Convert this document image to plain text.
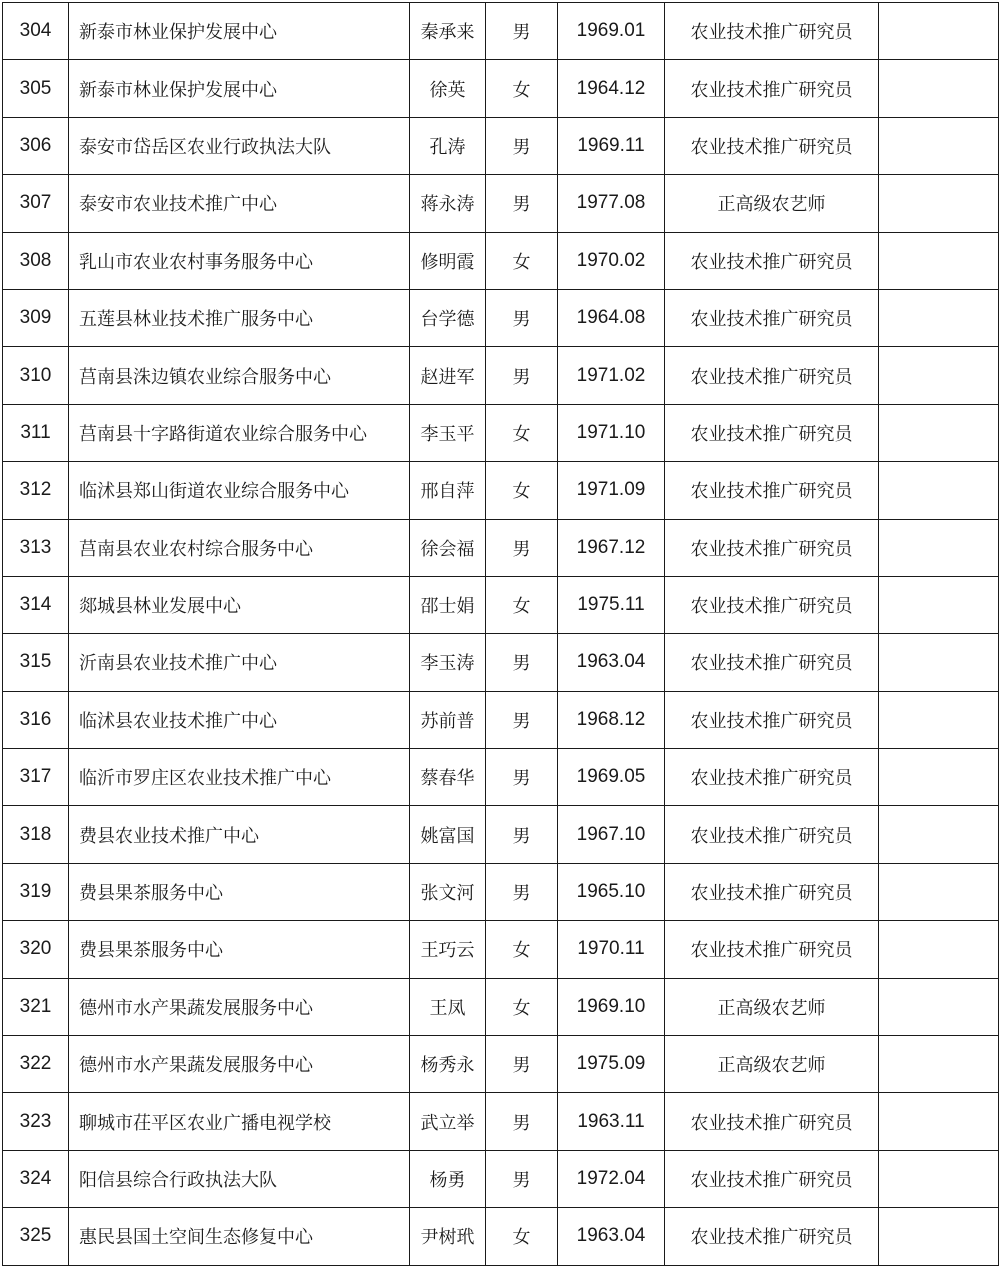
304	新泰市林业保护发展中心	秦承来	男	1969.01	农业技术推广研究员	
305	新泰市林业保护发展中心	徐英	女	1964.12	农业技术推广研究员	
306	泰安市岱岳区农业行政执法大队	孔涛	男	1969.11	农业技术推广研究员	
307	泰安市农业技术推广中心	蒋永涛	男	1977.08	正高级农艺师	
308	乳山市农业农村事务服务中心	修明霞	女	1970.02	农业技术推广研究员	
309	五莲县林业技术推广服务中心	台学德	男	1964.08	农业技术推广研究员	
310	莒南县洙边镇农业综合服务中心	赵进军	男	1971.02	农业技术推广研究员	
311	莒南县十字路街道农业综合服务中心	李玉平	女	1971.10	农业技术推广研究员	
312	临沭县郑山街道农业综合服务中心	邢自萍	女	1971.09	农业技术推广研究员	
313	莒南县农业农村综合服务中心	徐会福	男	1967.12	农业技术推广研究员	
314	郯城县林业发展中心	邵士娟	女	1975.11	农业技术推广研究员	
315	沂南县农业技术推广中心	李玉涛	男	1963.04	农业技术推广研究员	
316	临沭县农业技术推广中心	苏前普	男	1968.12	农业技术推广研究员	
317	临沂市罗庄区农业技术推广中心	蔡春华	男	1969.05	农业技术推广研究员	
318	费县农业技术推广中心	姚富国	男	1967.10	农业技术推广研究员	
319	费县果茶服务中心	张文河	男	1965.10	农业技术推广研究员	
320	费县果茶服务中心	王巧云	女	1970.11	农业技术推广研究员	
321	德州市水产果蔬发展服务中心	王凤	女	1969.10	正高级农艺师	
322	德州市水产果蔬发展服务中心	杨秀永	男	1975.09	正高级农艺师	
323	聊城市茌平区农业广播电视学校	武立举	男	1963.11	农业技术推广研究员	
324	阳信县综合行政执法大队	杨勇	男	1972.04	农业技术推广研究员	
325	惠民县国土空间生态修复中心	尹树玳	女	1963.04	农业技术推广研究员	
